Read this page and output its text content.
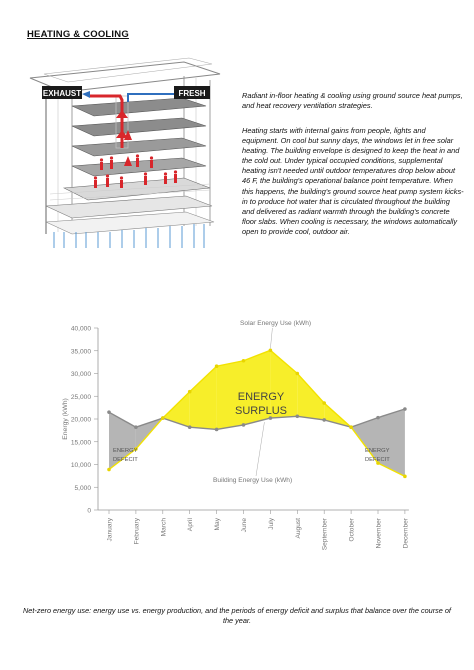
HEATING & COOLING
EXHAUST	FRESH	Radiant in-floor heating & cooling using ground source heat pumps, and heat recovery ventilation strategies.

Heating starts with internal gains from people, lights and equipment. On cool but sunny days, the windows let in free solar heating. The building envelope is designed to keep the heat in and the cold out. Under typical occupied conditions, supplemental heating isn't needed until outdoor temperatures drop below about 46 F, the building's operational balance point temperature. When this happens, the building's ground source heat pump system kicks-in to produce hot water that is circulated throughout the building and delivered as radiant warmth through the building's concrete floor slabs. When cooling is necessary, the windows automatically open to provide cool, outdoor air.

0
5,000
10,000
15,000
20,000
25,000
30,000
35,000
40,000
Energy (kWh)
January	February	March	April	May	June	July	August	September	October	November	December
Solar Energy Use (kWh)
Building Energy Use (kWh)
ENERGY
SURPLUS
ENERGY
DEFECIT
ENERGY
DEFECIT
Net-zero energy use: energy use vs. energy production, and the periods of energy deficit and surplus that balance over the course of the year.
